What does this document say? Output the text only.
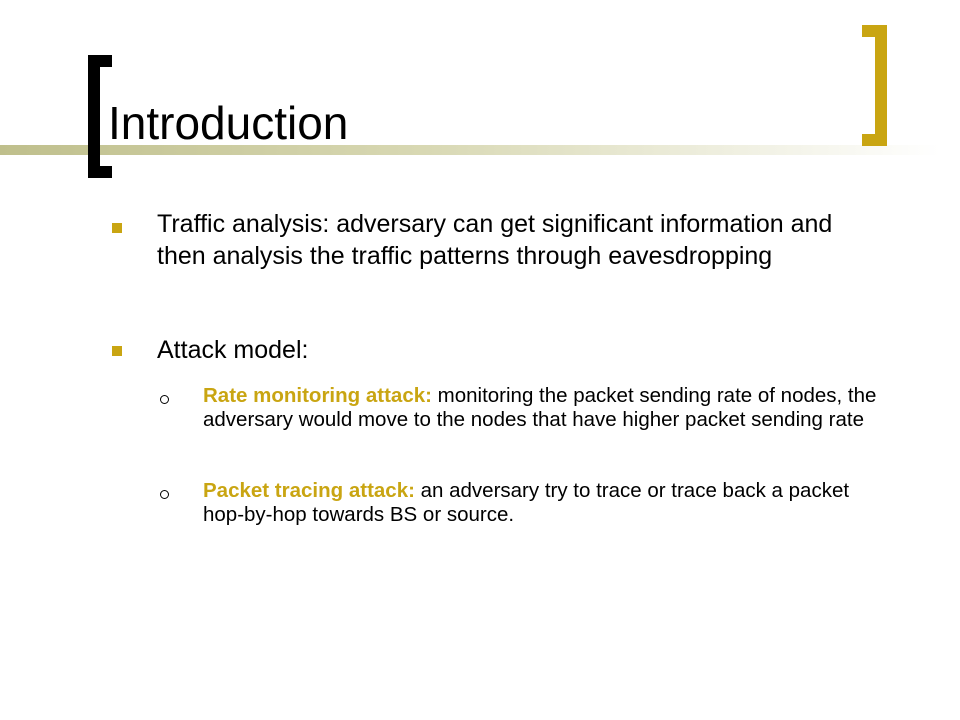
Introduction

Traffic analysis: adversary can get significant information and then analysis the traffic patterns through eavesdropping

Attack model:

Rate monitoring attack: monitoring the packet sending rate of nodes, the adversary would move to the nodes that have higher packet sending rate

Packet tracing attack: an adversary try to trace or trace back a packet hop-by-hop towards BS or source.
